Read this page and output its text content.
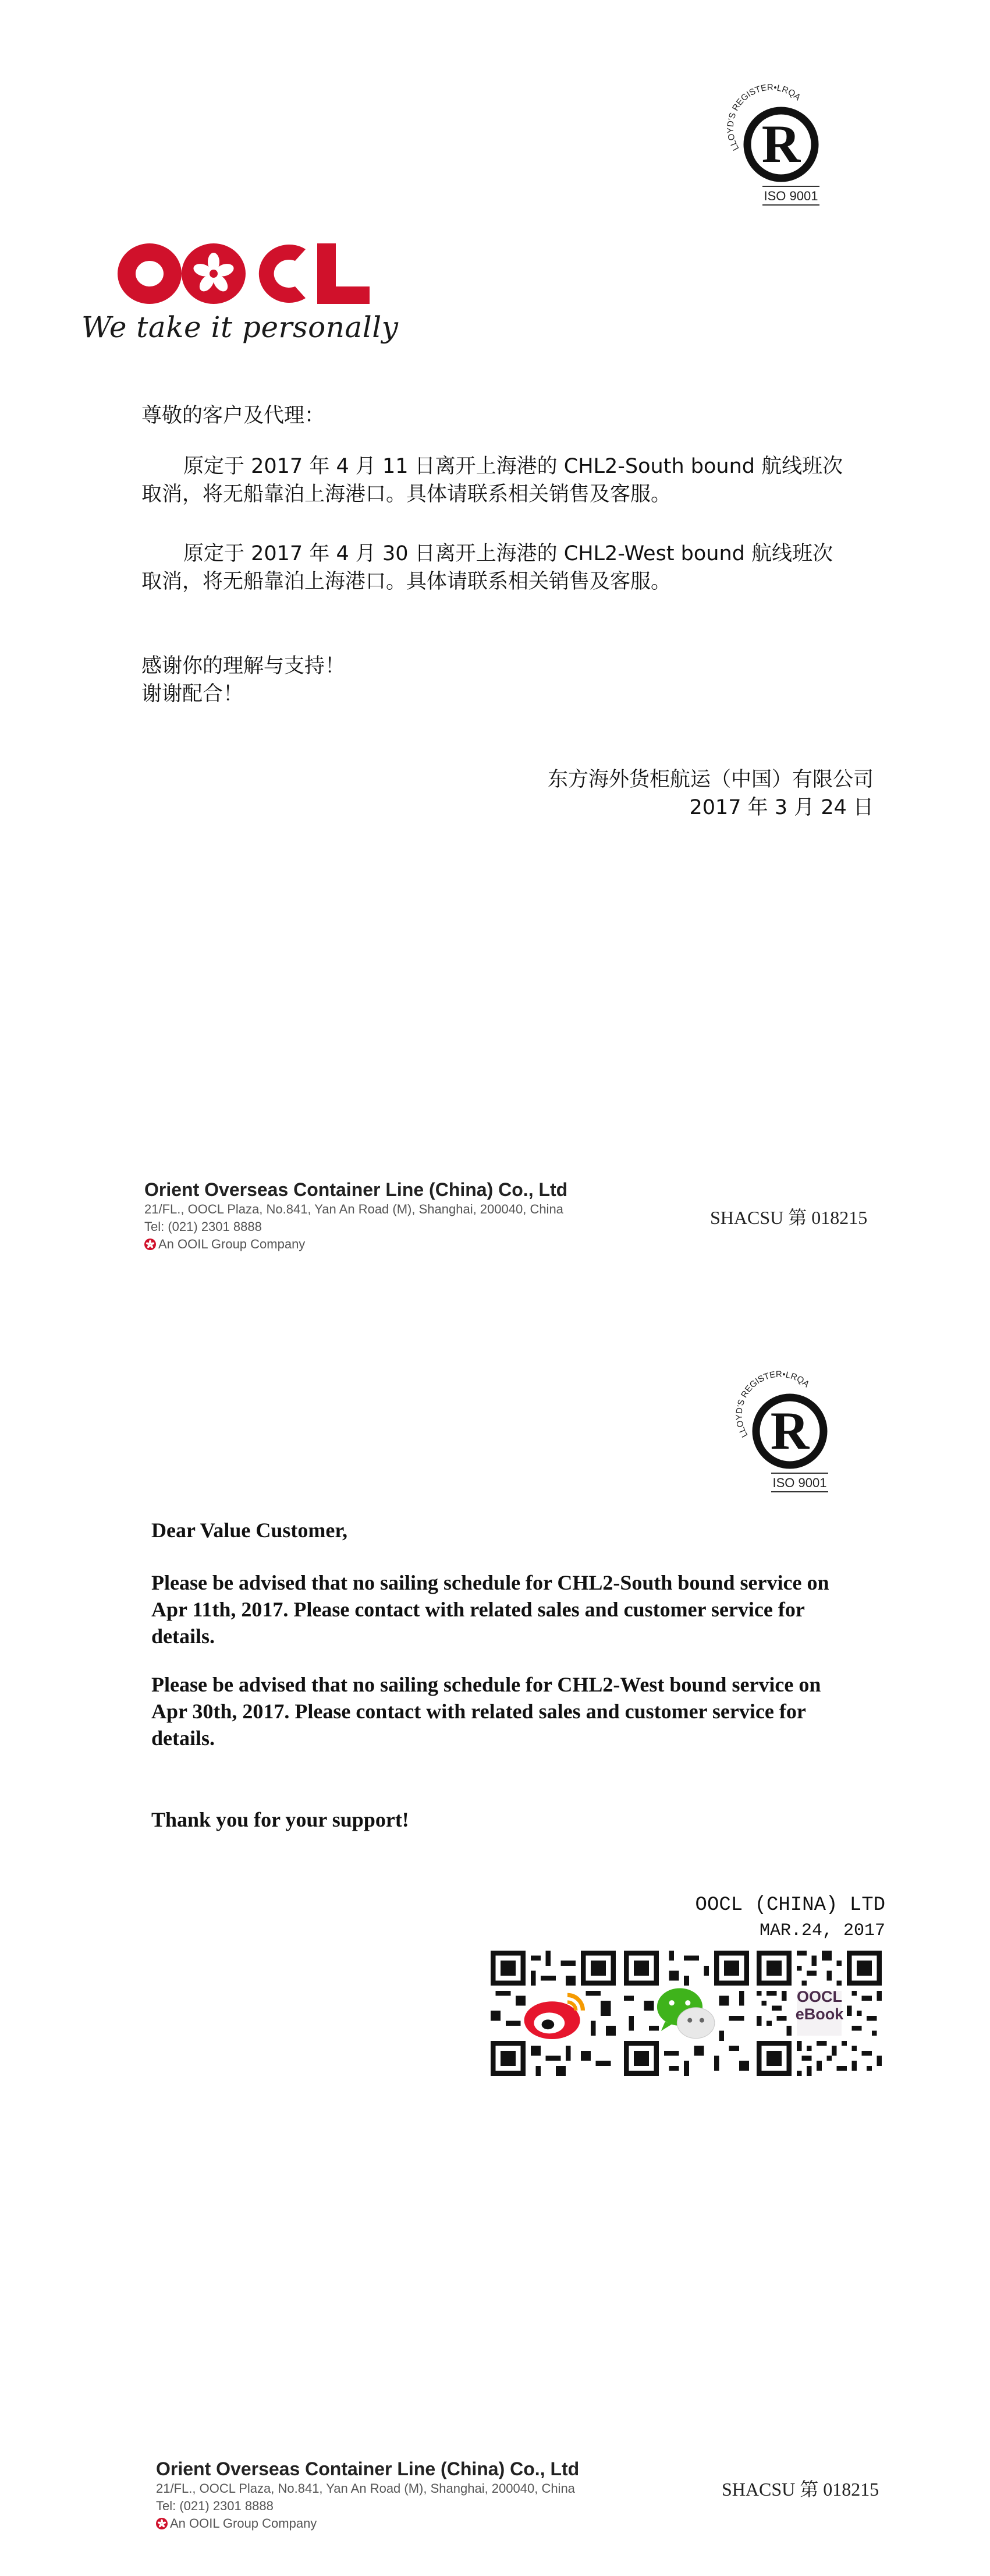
LLOYD'S REGISTER•LRQA
R
ISO 9001
We take it personally
尊敬的客户及代理：
原定于 2017 年 4 月 11 日离开上海港的 CHL2-South bound 航线班次
取消，将无船靠泊上海港口。具体请联系相关销售及客服。
原定于 2017 年 4 月 30 日离开上海港的 CHL2-West bound 航线班次
取消，将无船靠泊上海港口。具体请联系相关销售及客服。
感谢你的理解与支持！
谢谢配合！
东方海外货柜航运（中国）有限公司
2017 年 3 月 24 日
Orient Overseas Container Line (China) Co., Ltd
21/FL., OOCL Plaza, No.841, Yan An Road (M), Shanghai, 200040, China
Tel: (021) 2301 8888
An OOIL Group Company
SHACSU 第 018215
LLOYD'S REGISTER•LRQA
R
ISO 9001
Dear Value Customer,
Please be advised that no sailing schedule for CHL2-South bound service on
Apr 11th, 2017. Please contact with related sales and customer service for
details.
Please be advised that no sailing schedule for CHL2-West bound service on
Apr 30th, 2017. Please contact with related sales and customer service for
details.
Thank you for your support!
OOCL (CHINA) LTD
MAR.24, 2017
OOCL eBook
Orient Overseas Container Line (China) Co., Ltd
21/FL., OOCL Plaza, No.841, Yan An Road (M), Shanghai, 200040, China
Tel: (021) 2301 8888
An OOIL Group Company
SHACSU 第 018215
